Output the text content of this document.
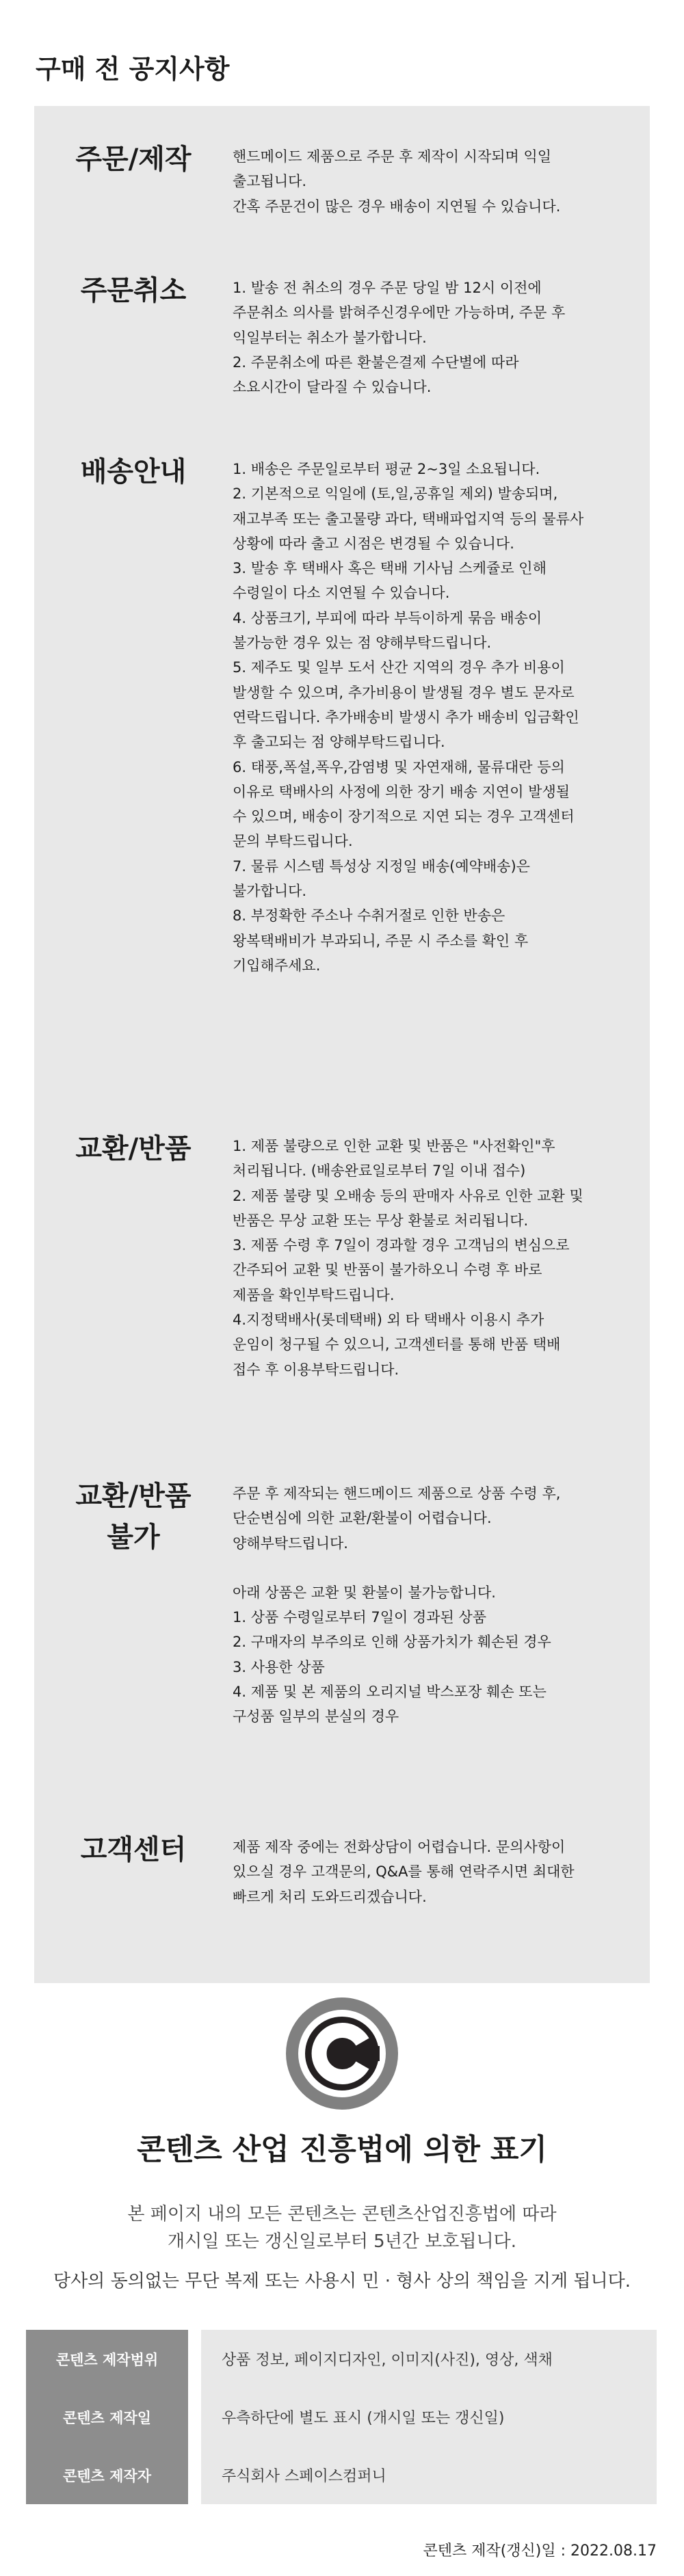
구매 전 공지사항
주문/제작	핸드메이드 제품으로 주문 후 제작이 시작되며 익일
출고됩니다.
간혹 주문건이 많은 경우 배송이 지연될 수 있습니다.
주문취소	1. 발송 전 취소의 경우 주문 당일 밤 12시 이전에
주문취소 의사를 밝혀주신경우에만 가능하며, 주문 후
익일부터는 취소가 불가합니다.
2. 주문취소에 따른 환불은결제 수단별에 따라
소요시간이 달라질 수 있습니다.
배송안내	1. 배송은 주문일로부터 평균 2~3일 소요됩니다.
2. 기본적으로 익일에 (토,일,공휴일 제외) 발송되며,
재고부족 또는 출고물량 과다, 택배파업지역 등의 물류사
상황에 따라 출고 시점은 변경될 수 있습니다.
3. 발송 후 택배사 혹은 택배 기사님 스케쥴로 인해
수령일이 다소 지연될 수 있습니다.
4. 상품크기, 부피에 따라 부득이하게 묶음 배송이
불가능한 경우 있는 점 양해부탁드립니다.
5. 제주도 및 일부 도서 산간 지역의 경우 추가 비용이
발생할 수 있으며, 추가비용이 발생될 경우 별도 문자로
연락드립니다. 추가배송비 발생시 추가 배송비 입금확인
후 출고되는 점 양해부탁드립니다.
6. 태풍,폭설,폭우,감염병 및 자연재해, 물류대란 등의
이유로 택배사의 사정에 의한 장기 배송 지연이 발생될
수 있으며, 배송이 장기적으로 지연 되는 경우 고객센터
문의 부탁드립니다.
7. 물류 시스템 특성상 지정일 배송(예약배송)은
불가합니다.
8. 부정확한 주소나 수취거절로 인한 반송은
왕복택배비가 부과되니, 주문 시 주소를 확인 후
기입해주세요.
교환/반품	1. 제품 불량으로 인한 교환 및 반품은 "사전확인"후
처리됩니다. (배송완료일로부터 7일 이내 접수)
2. 제품 불량 및 오배송 등의 판매자 사유로 인한 교환 및
반품은 무상 교환 또는 무상 환불로 처리됩니다.
3. 제품 수령 후 7일이 경과할 경우 고객님의 변심으로
간주되어 교환 및 반품이 불가하오니 수령 후 바로
제품을 확인부탁드립니다.
4.지정택배사(롯데택배) 외 타 택배사 이용시 추가
운임이 청구될 수 있으니, 고객센터를 통해 반품 택배
접수 후 이용부탁드립니다.
교환/반품
불가
주문 후 제작되는 핸드메이드 제품으로 상품 수령 후,
단순변심에 의한 교환/환불이 어렵습니다.
양해부탁드립니다.
아래 상품은 교환 및 환불이 불가능합니다.
1. 상품 수령일로부터 7일이 경과된 상품
2. 구매자의 부주의로 인해 상품가치가 훼손된 경우
3. 사용한 상품
4. 제품 및 본 제품의 오리지널 박스포장 훼손 또는
구성품 일부의 분실의 경우
고객센터	제품 제작 중에는 전화상담이 어렵습니다. 문의사항이
있으실 경우 고객문의, Q&A를 통해 연락주시면 최대한
빠르게 처리 도와드리겠습니다.
콘텐츠 산업 진흥법에 의한 표기
본 페이지 내의 모든 콘텐츠는 콘텐츠산업진흥법에 따라
개시일 또는 갱신일로부터 5년간 보호됩니다.
당사의 동의없는 무단 복제 또는 사용시 민 · 형사 상의 책임을 지게 됩니다.
콘텐츠 제작범위	상품 정보, 페이지디자인, 이미지(사진), 영상, 색채
콘텐츠 제작일	우측하단에 별도 표시 (개시일 또는 갱신일)
콘텐츠 제작자	주식회사 스페이스컴퍼니
콘텐츠 제작(갱신)일 : 2022.08.17
